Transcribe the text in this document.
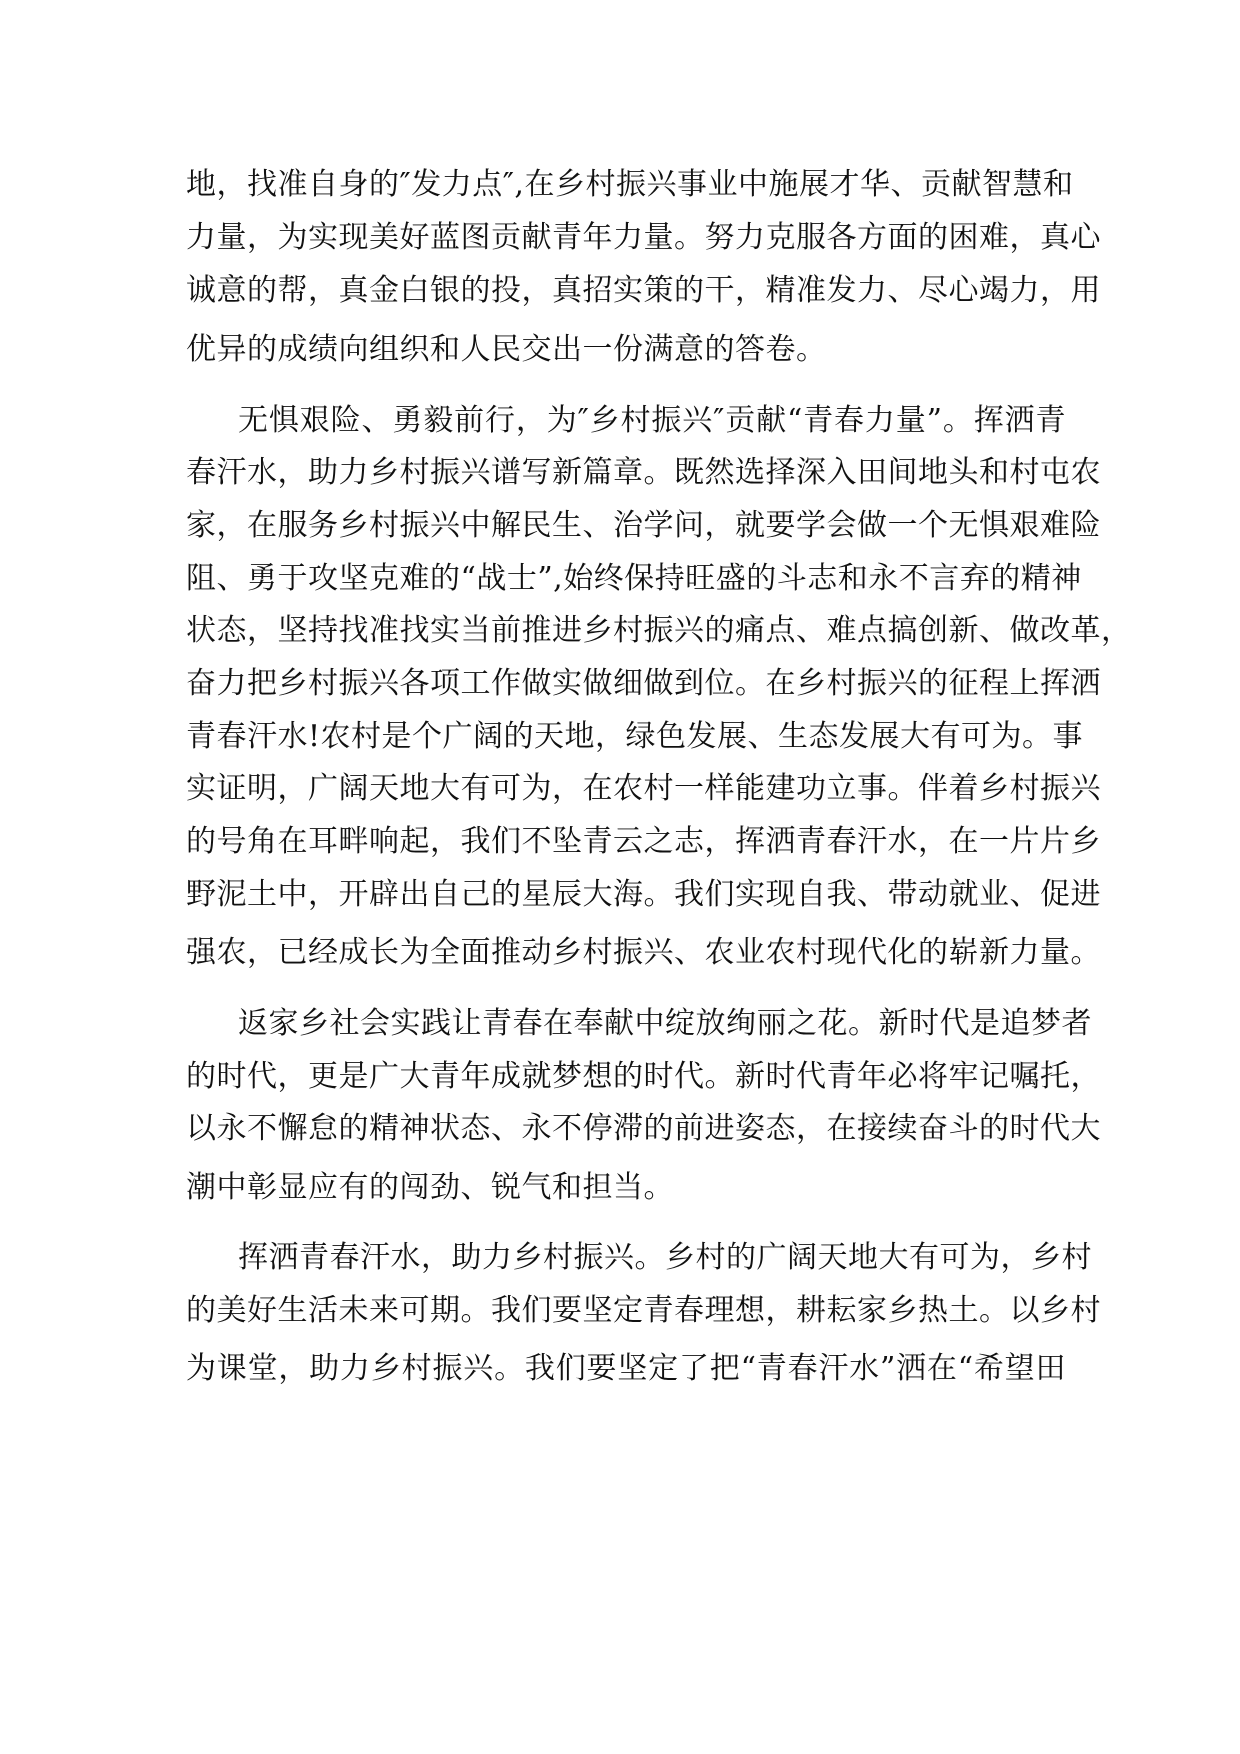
地，找准自身的″发力点″,在乡村振兴事业中施展才华、贡献智慧和
力量，为实现美好蓝图贡献青年力量。努力克服各方面的困难，真心
诚意的帮，真金白银的投，真招实策的干，精准发力、尽心竭力，用
优异的成绩向组织和人民交出一份满意的答卷。
无惧艰险、勇毅前行，为″乡村振兴″贡献“青春力量”。挥洒青
春汗水，助力乡村振兴谱写新篇章。既然选择深入田间地头和村屯农
家，在服务乡村振兴中解民生、治学问，就要学会做一个无惧艰难险
阻、勇于攻坚克难的“战士”,始终保持旺盛的斗志和永不言弃的精神
状态，坚持找准找实当前推进乡村振兴的痛点、难点搞创新、做改革，
奋力把乡村振兴各项工作做实做细做到位。在乡村振兴的征程上挥洒
青春汗水!农村是个广阔的天地，绿色发展、生态发展大有可为。事
实证明，广阔天地大有可为，在农村一样能建功立事。伴着乡村振兴
的号角在耳畔响起，我们不坠青云之志，挥洒青春汗水，在一片片乡
野泥土中，开辟出自己的星辰大海。我们实现自我、带动就业、促进
强农，已经成长为全面推动乡村振兴、农业农村现代化的崭新力量。
返家乡社会实践让青春在奉献中绽放绚丽之花。新时代是追梦者
的时代，更是广大青年成就梦想的时代。新时代青年必将牢记嘱托，
以永不懈怠的精神状态、永不停滞的前进姿态，在接续奋斗的时代大
潮中彰显应有的闯劲、锐气和担当。
挥洒青春汗水，助力乡村振兴。乡村的广阔天地大有可为，乡村
的美好生活未来可期。我们要坚定青春理想，耕耘家乡热土。以乡村
为课堂，助力乡村振兴。我们要坚定了把“青春汗水”洒在“希望田
